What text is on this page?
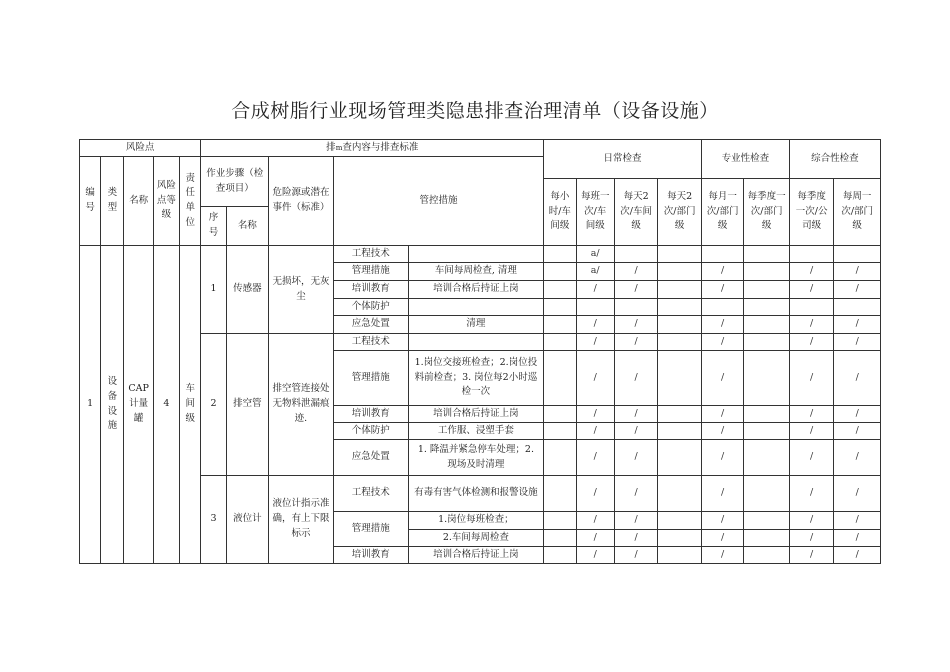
合成树脂行业现场管理类隐患排查治理清单（设备设施）
风险点					排m查内容与排查标准					日常检查				专业性检查		综合性检查	
编号	类型	名称	风险点等级	责任单位	作业步骤（检查项目）		危险源或潜在事件（标准）	管控措施									
										每小时/车间级	每班一次/车间级	每天2次/车间级	每天2次/部门级	每月一次/部门级	每季度一次/部门级	每季度一次/公司级	每周一次/部门级
					序号	名称											
1	设备设施	CAP计量罐	4	车间级	1	传感器	无损坏，无灰尘	工程技术			a/						
								管理措施	车间每周检查, 清理		a/	/		/		/	/
								培训教育	培训合格后持证上岗		/	/		/		/	/
								个体防护									
								应急处置	清理		/	/		/		/	/
					2	排空管	排空管连接处无物料泄漏痕迹.	工程技术			/	/		/		/	/
								管理措施	1.岗位交接班检查；2.岗位投料前检查；3. 岗位每2小时巡检一次		/	/		/		/	/
								培训教育	培训合格后持证上岗		/	/		/		/	/
								个体防护	工作服、浸塑手套		/	/		/		/	/
								应急处置	1. 降温并紧急停车处理；2. 现场及时清理		/	/		/		/	/
					3	液位计	液位计指示准确，有上下限标示	工程技术	有毒有害气体检测和报警设施		/	/		/		/	/
								管理措施	1.岗位每班检查；		/	/		/		/	/
									2.车间每周检查		/	/		/		/	/
								培训教育	培训合格后持证上岗		/	/		/		/	/
